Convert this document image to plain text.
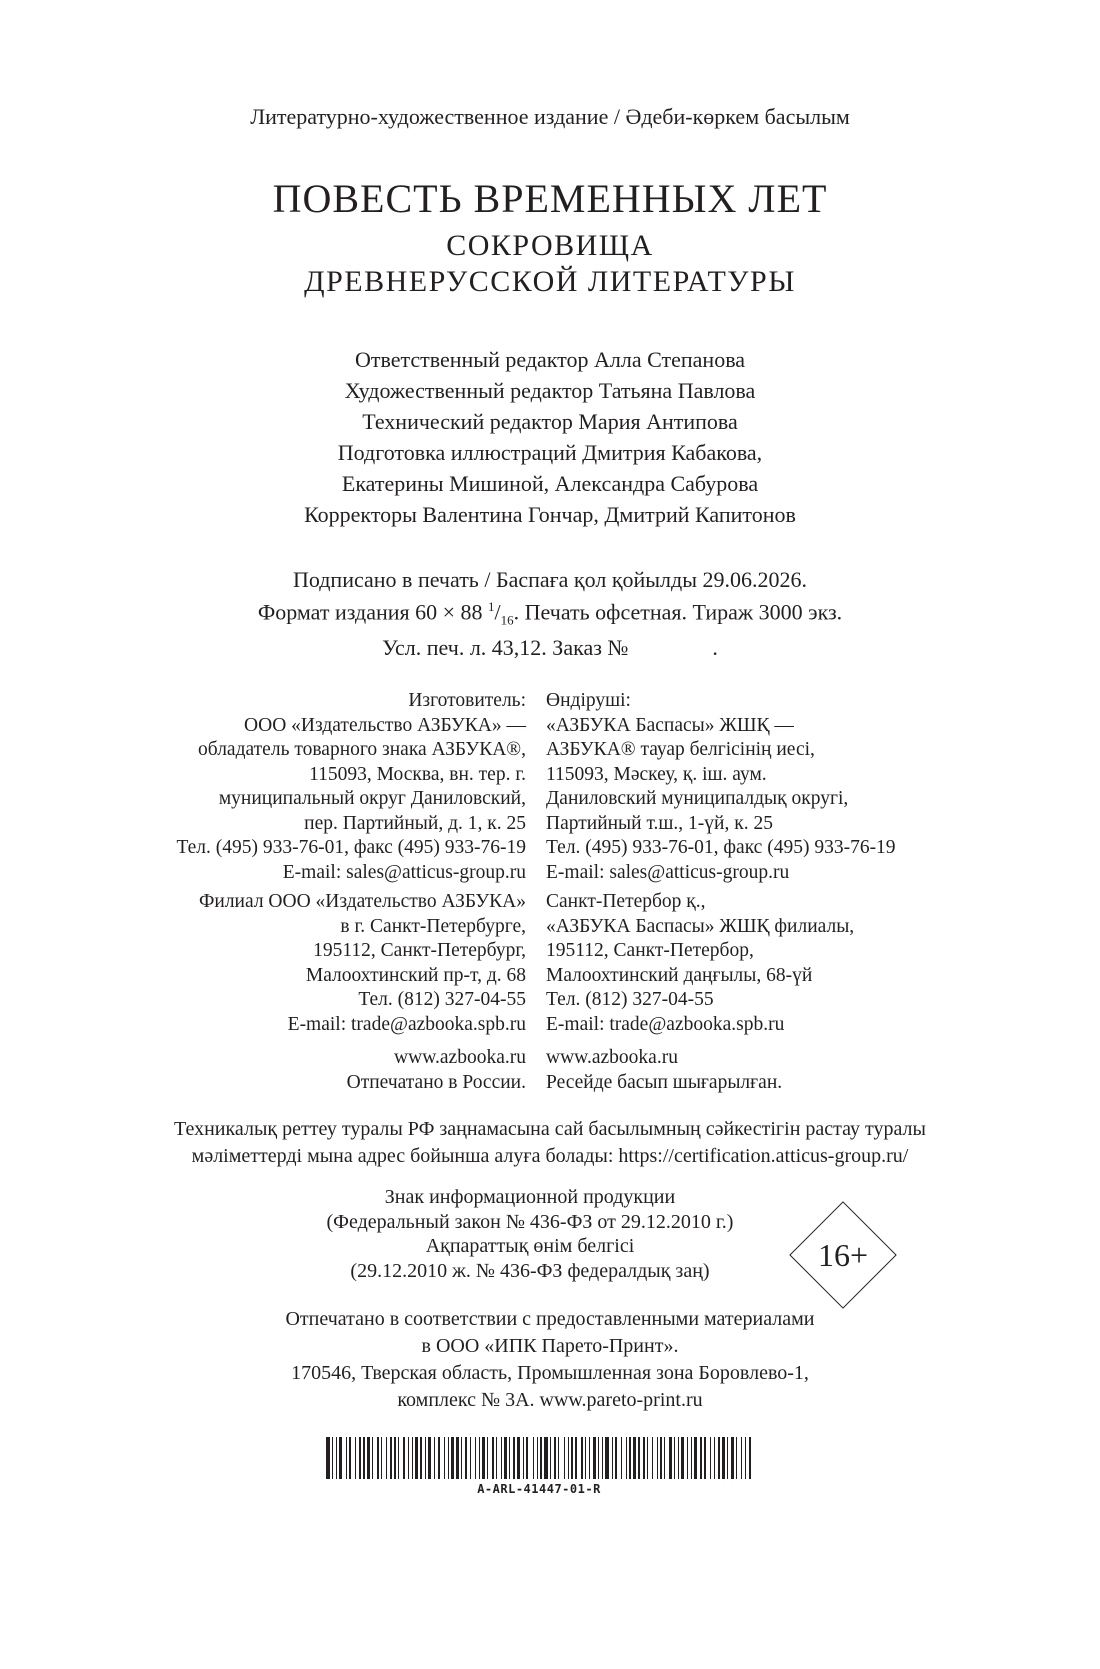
Литературно-художественное издание / Әдеби-көркем басылым
ПОВЕСТЬ ВРЕМЕННЫХ ЛЕТ
СОКРОВИЩА
ДРЕВНЕРУССКОЙ ЛИТЕРАТУРЫ
Ответственный редактор Алла Степанова
Художественный редактор Татьяна Павлова
Технический редактор Мария Антипова
Подготовка иллюстраций Дмитрия Кабакова,
Екатерины Мишиной, Александра Сабурова
Корректоры Валентина Гончар, Дмитрий Капитонов
Подписано в печать / Баспаға қол қойылды 29.06.2026.
Формат издания 60 × 88 $^1/_{16}$. Печать офсетная. Тираж 3000 экз.
Усл. печ. л. 43,12. Заказ №	.
Изготовитель:
ООО «Издательство АЗБУКА» —
обладатель товарного знака АЗБУКА®,
115093, Москва, вн. тер. г.
муниципальный округ Даниловский,
пер. Партийный, д. 1, к. 25
Тел. (495) 933-76-01, факс (495) 933-76-19
E-mail: sales@atticus-group.ru
Өндіруші:
«АЗБУКА Баспасы» ЖШҚ —
АЗБУКА® тауар белгісінің иесі,
115093, Мәскеу, қ. іш. аум.
Даниловский муниципалдық округі,
Партийный т.ш., 1-үй, к. 25
Тел. (495) 933-76-01, факс (495) 933-76-19
E-mail: sales@atticus-group.ru
Филиал ООО «Издательство АЗБУКА»
в г. Санкт-Петербурге,
195112, Санкт-Петербург,
Малоохтинский пр-т, д. 68
Тел. (812) 327-04-55
E-mail: trade@azbooka.spb.ru
Санкт-Петербор қ.,
«АЗБУКА Баспасы» ЖШҚ филиалы,
195112, Санкт-Петербор,
Малоохтинский даңғылы, 68-үй
Тел. (812) 327-04-55
E-mail: trade@azbooka.spb.ru
www.azbooka.ru
Отпечатано в России.
www.azbooka.ru
Ресейде басып шығарылған.
Техникалық реттеу туралы РФ заңнамасына сай басылымның сәйкестігін растау туралы
мәліметтерді мына адрес бойынша алуға болады: https://certification.atticus-group.ru/
Знак информационной продукции
(Федеральный закон № 436-ФЗ от 29.12.2010 г.)
Ақпараттық өнім белгісі
(29.12.2010 ж. № 436-ФЗ федералдық заң)	16+
Отпечатано в соответствии с предоставленными материалами
в ООО «ИПК Парето-Принт».
170546, Тверская область, Промышленная зона Боровлево-1,
комплекс № 3А. www.pareto-print.ru
A-ARL-41447-01-R
